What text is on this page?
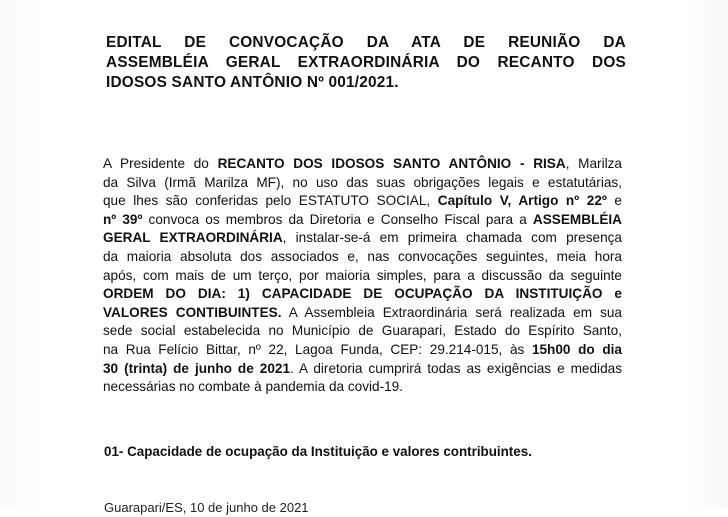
EDITAL DE CONVOCAÇÃO DA ATA DE REUNIÃO DA
ASSEMBLÉIA GERAL EXTRAORDINÁRIA DO RECANTO DOS
IDOSOS SANTO ANTÔNIO Nº 001/2021.
A Presidente do RECANTO DOS IDOSOS SANTO ANTÔNIO - RISA, Marilza
da Silva (Irmã Marilza MF), no uso das suas obrigações legais e estatutárias,
que lhes são conferidas pelo ESTATUTO SOCIAL, Capítulo V, Artigo nº 22º e
nº 39º convoca os membros da Diretoria e Conselho Fiscal para a ASSEMBLÉIA
GERAL EXTRAORDINÁRIA, instalar-se-á em primeira chamada com presença
da maioria absoluta dos associados e, nas convocações seguintes, meia hora
após, com mais de um terço, por maioria simples, para a discussão da seguinte
ORDEM DO DIA: 1) CAPACIDADE DE OCUPAÇÃO DA INSTITUIÇÃO e
VALORES CONTIBUINTES. A Assembleia Extraordinária será realizada em sua
sede social estabelecida no Município de Guarapari, Estado do Espírito Santo,
na Rua Felício Bittar, nº 22, Lagoa Funda, CEP: 29.214-015, às 15h00 do dia
30 (trinta) de junho de 2021. A diretoria cumprirá todas as exigências e medidas
necessárias no combate à pandemia da covid-19.

01- Capacidade de ocupação da Instituição e valores contribuintes.

Guarapari/ES, 10 de junho de 2021
